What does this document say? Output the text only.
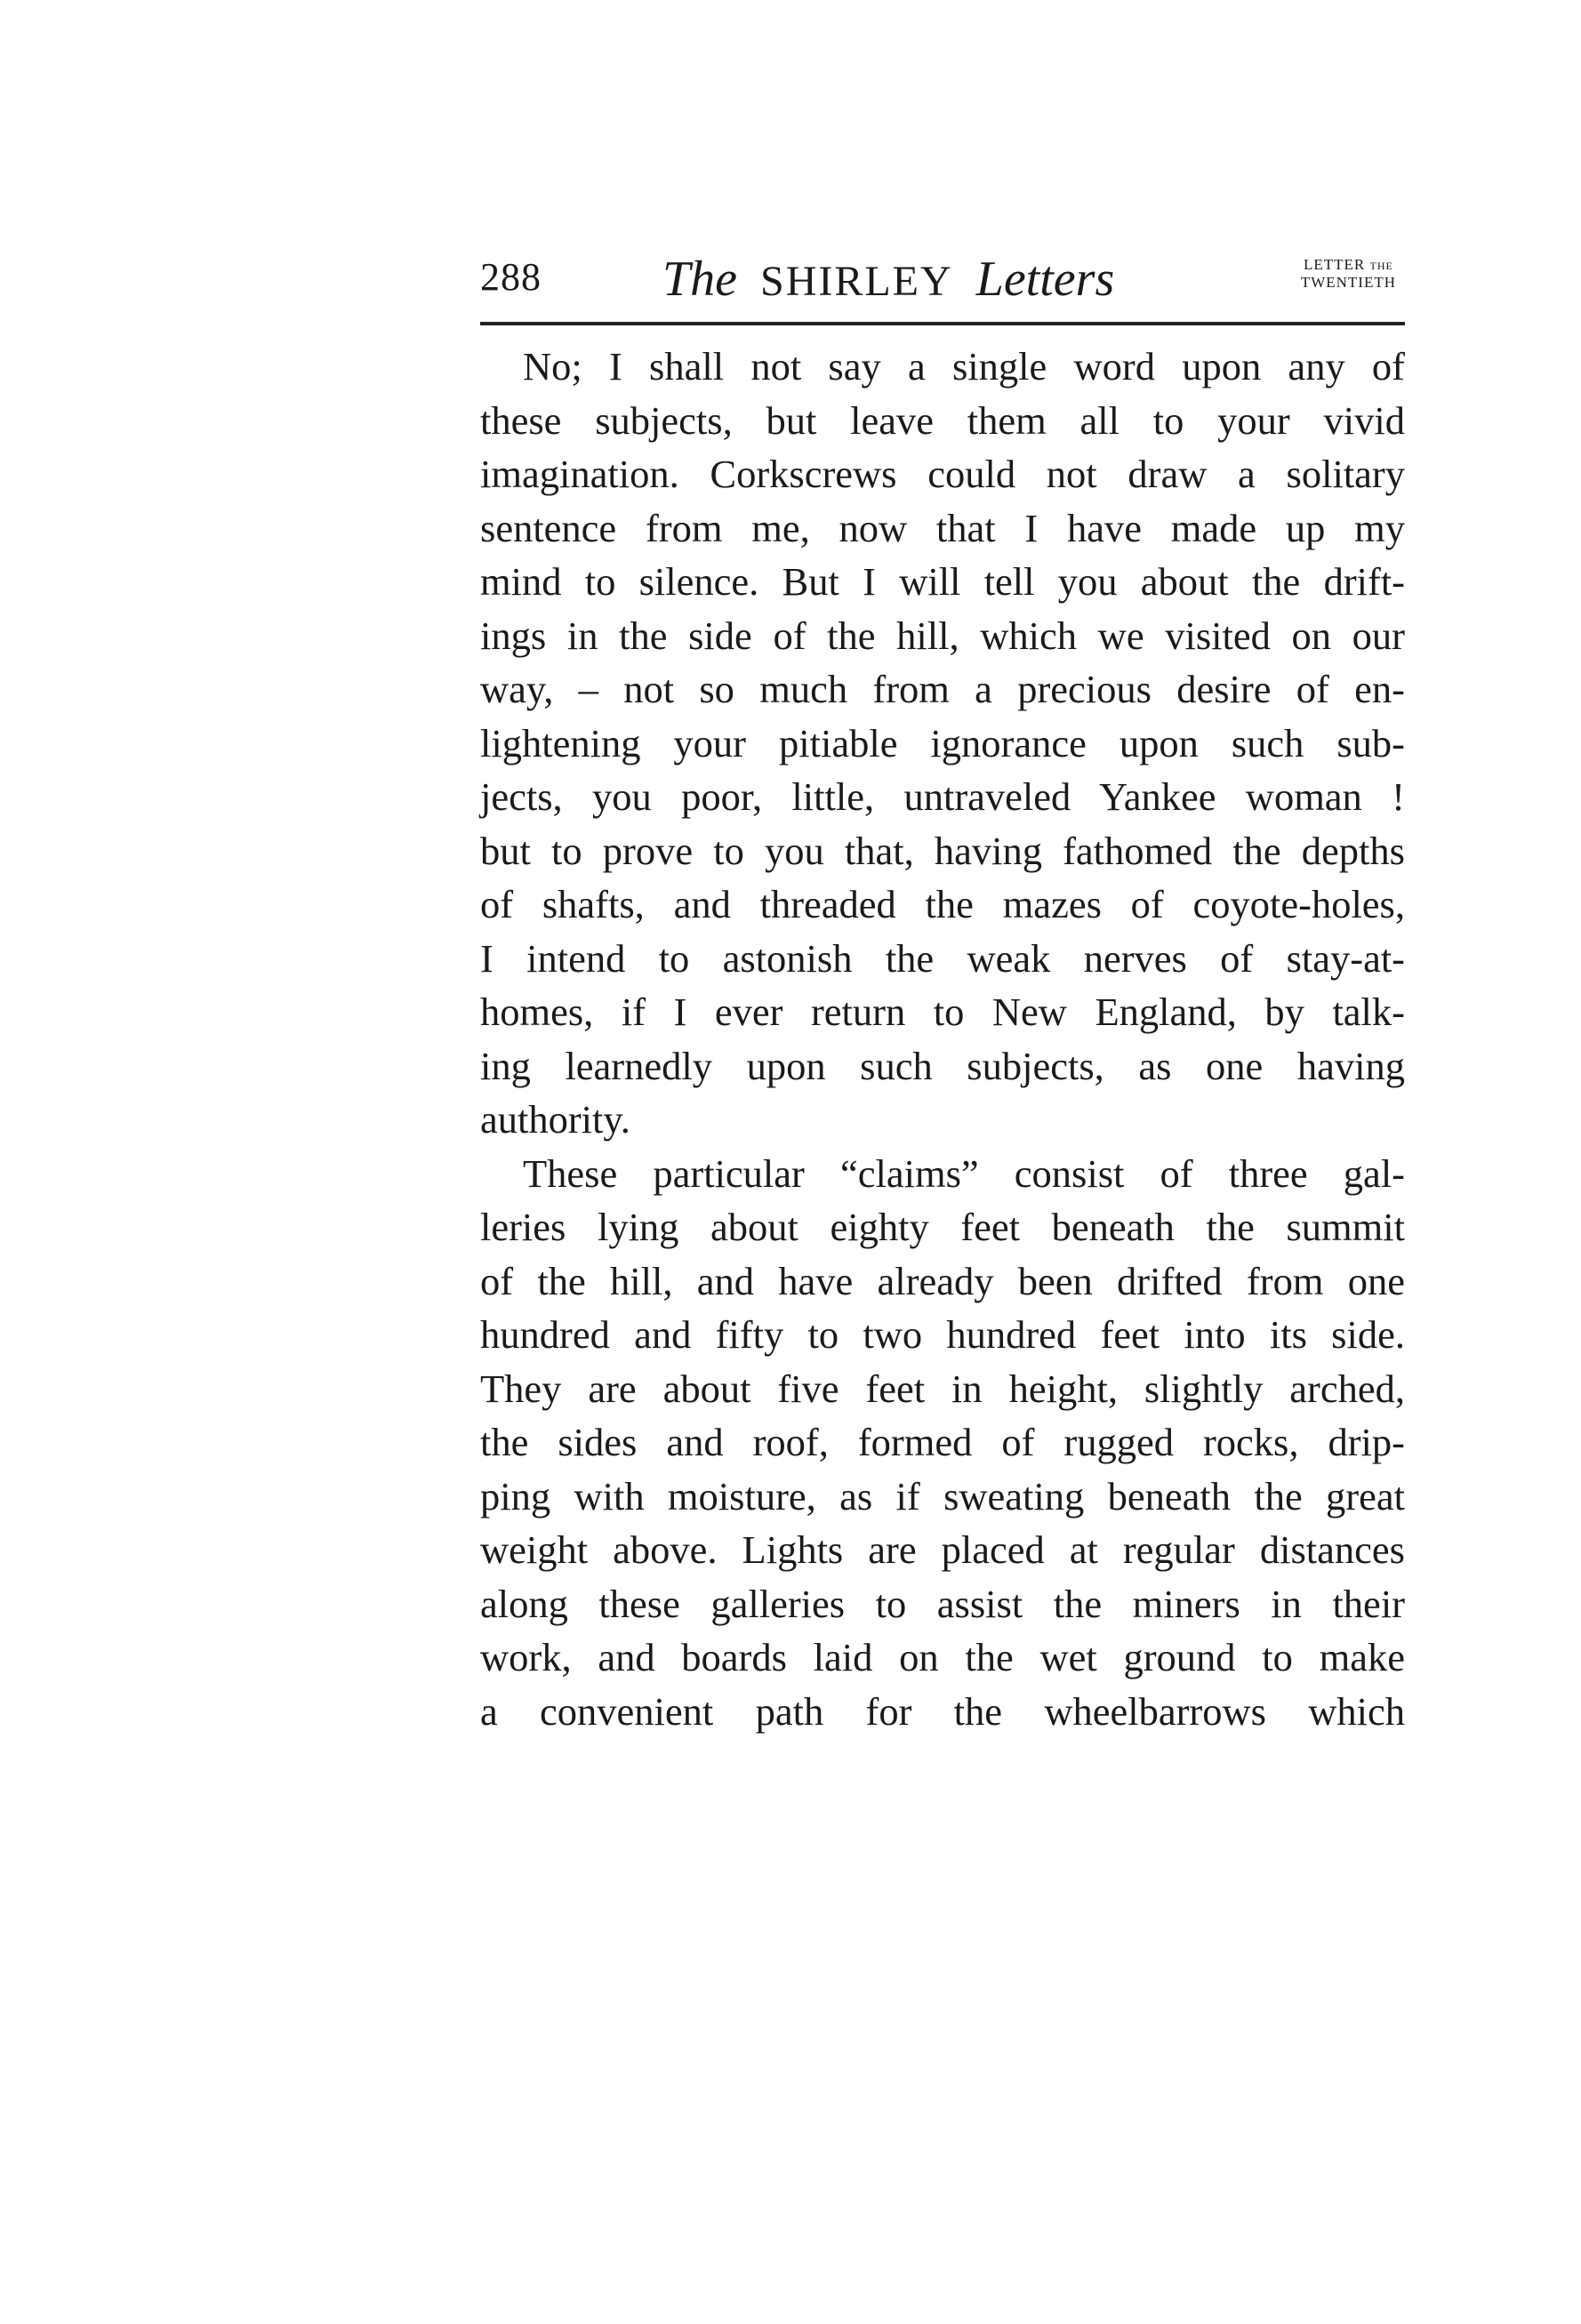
288 The SHIRLEY Letters	LETTER the
TWENTIETH
No; I shall not say a single word upon any of
these subjects, but leave them all to your vivid
imagination. Corkscrews could not draw a solitary
sentence from me, now that I have made up my
mind to silence. But I will tell you about the drift-
ings in the side of the hill, which we visited on our
way, – not so much from a precious desire of en-
lightening your pitiable ignorance upon such sub-
jects, you poor, little, untraveled Yankee woman !
but to prove to you that, having fathomed the depths
of shafts, and threaded the mazes of coyote-holes,
I intend to astonish the weak nerves of stay-at-
homes, if I ever return to New England, by talk-
ing learnedly upon such subjects, as one having
authority.
These particular “claims” consist of three gal-
leries lying about eighty feet beneath the summit
of the hill, and have already been drifted from one
hundred and fifty to two hundred feet into its side.
They are about five feet in height, slightly arched,
the sides and roof, formed of rugged rocks, drip-
ping with moisture, as if sweating beneath the great
weight above. Lights are placed at regular distances
along these galleries to assist the miners in their
work, and boards laid on the wet ground to make
a convenient path for the wheelbarrows which
